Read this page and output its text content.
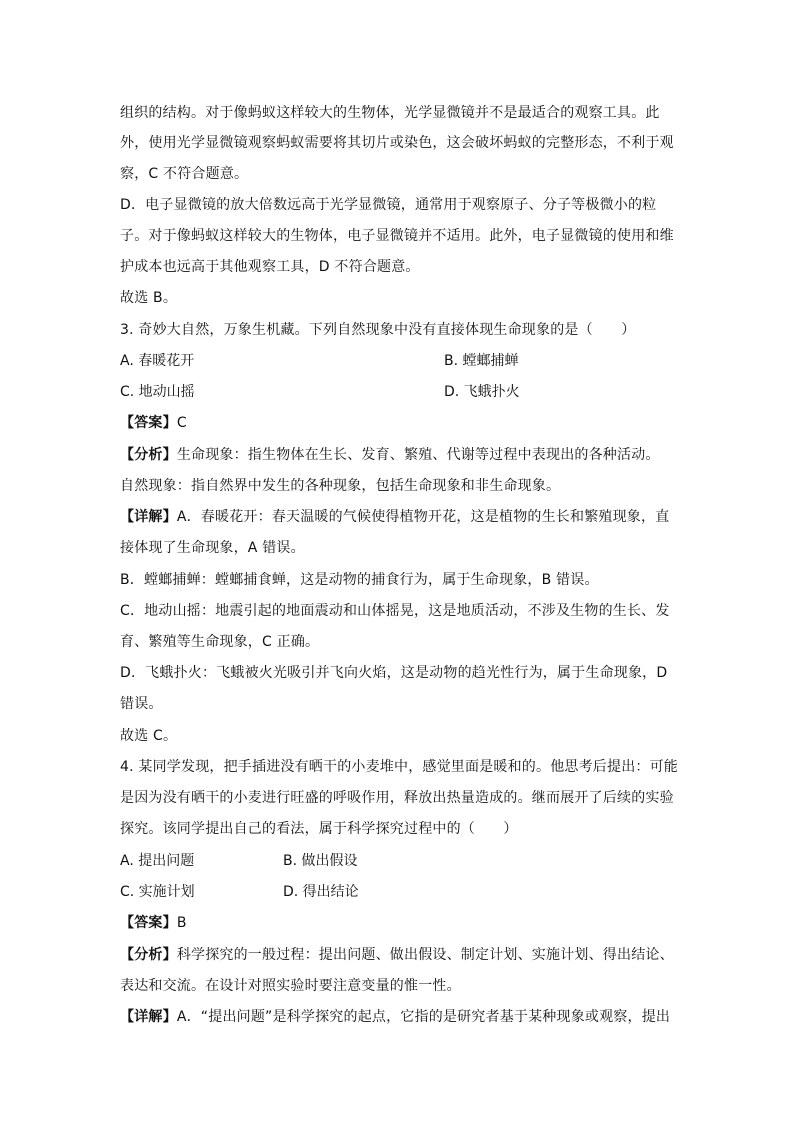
组织的结构。对于像蚂蚁这样较大的生物体，光学显微镜并不是最适合的观察工具。此
外，使用光学显微镜观察蚂蚁需要将其切片或染色，这会破坏蚂蚁的完整形态，不利于观
察，C 不符合题意。
D．电子显微镜的放大倍数远高于光学显微镜，通常用于观察原子、分子等极微小的粒
子。对于像蚂蚁这样较大的生物体，电子显微镜并不适用。此外，电子显微镜的使用和维
护成本也远高于其他观察工具，D 不符合题意。
故选 B。
3. 奇妙大自然，万象生机藏。下列自然现象中没有直接体现生命现象的是（　　）
A. 春暖花开	B. 螳螂捕蝉
C. 地动山摇	D. 飞蛾扑火
【答案】C
【分析】生命现象：指生物体在生长、发育、繁殖、代谢等过程中表现出的各种活动。
自然现象：指自然界中发生的各种现象，包括生命现象和非生命现象。
【详解】A．春暖花开：春天温暖的气候使得植物开花，这是植物的生长和繁殖现象，直
接体现了生命现象，A 错误。
B．螳螂捕蝉：螳螂捕食蝉，这是动物的捕食行为，属于生命现象，B 错误。
C．地动山摇：地震引起的地面震动和山体摇晃，这是地质活动，不涉及生物的生长、发
育、繁殖等生命现象，C 正确。
D．飞蛾扑火：飞蛾被火光吸引并飞向火焰，这是动物的趋光性行为，属于生命现象，D
错误。
故选 C。
4. 某同学发现，把手插进没有晒干的小麦堆中，感觉里面是暖和的。他思考后提出：可能
是因为没有晒干的小麦进行旺盛的呼吸作用，释放出热量造成的。继而展开了后续的实验
探究。该同学提出自己的看法，属于科学探究过程中的（　　）
A. 提出问题	B. 做出假设
C. 实施计划	D. 得出结论
【答案】B
【分析】科学探究的一般过程：提出问题、做出假设、制定计划、实施计划、得出结论、
表达和交流。在设计对照实验时要注意变量的惟一性。
【详解】A．“提出问题”是科学探究的起点，它指的是研究者基于某种现象或观察，提出
